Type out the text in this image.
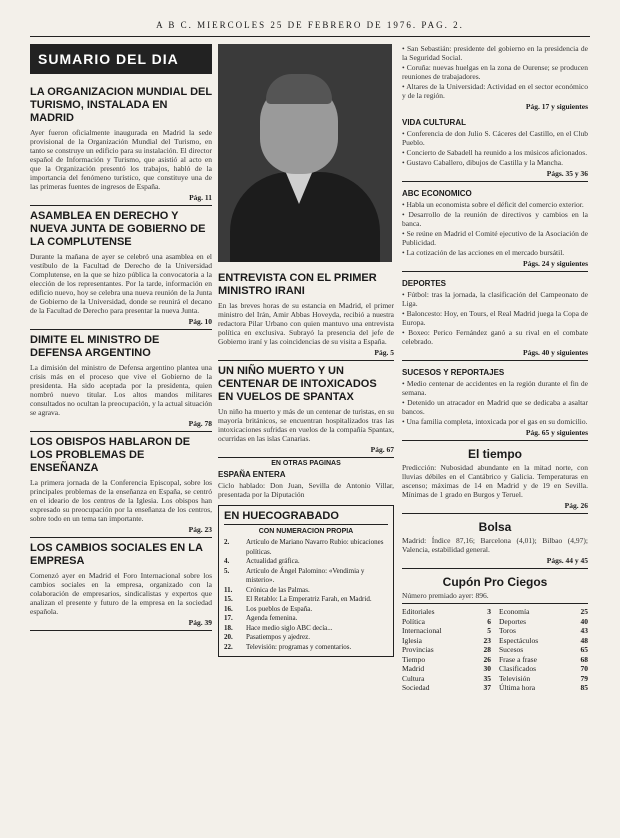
A B C. MIERCOLES 25 DE FEBRERO DE 1976. PAG. 2.
SUMARIO DEL DIA
LA ORGANIZACION MUNDIAL DEL TURISMO, INSTALADA EN MADRID
Ayer fueron oficialmente inaugurada en Madrid la sede provisional de la Organización Mundial del Turismo, en tanto se construye un edificio para su instalación. El director español de Información y Turismo, que asistió al acto en que la Organización presentó los trabajos, habló de la importancia del fenómeno turístico, que constituye una de las primeras fuentes de ingresos de España.
Pág. 11
ASAMBLEA EN DERECHO Y NUEVA JUNTA DE GOBIERNO DE LA COMPLUTENSE
Durante la mañana de ayer se celebró una asamblea en el vestíbulo de la Facultad de Derecho de la Universidad Complutense, en la que se hizo pública la convocatoria a la elección de los representantes. Por la tarde, información en edificio nuevo, hoy se celebra una nueva reunión de la Junta de Gobierno de la Universidad, donde se reunirá el decano de la Facultad de Derecho para presentar la nueva Junta.
Pág. 10
DIMITE EL MINISTRO DE DEFENSA ARGENTINO
La dimisión del ministro de Defensa argentino plantea una crisis más en el proceso que vive el Gobierno de la presidenta. Ha sido aceptada por la presidenta, quien nombró nuevo titular. Los altos mandos militares consultados no ocultan la preocupación, y la actual situación se agrava.
Pág. 78
LOS OBISPOS HABLARON DE LOS PROBLEMAS DE ENSEÑANZA
La primera jornada de la Conferencia Episcopal, sobre los principales problemas de la enseñanza en España, se centró en el ideario de los centros de la Iglesia. Los obispos han expresado su preocupación por la enseñanza de los centros, sobre todo en un tema tan importante.
Pág. 23
LOS CAMBIOS SOCIALES EN LA EMPRESA
Comenzó ayer en Madrid el Foro Internacional sobre los cambios sociales en la empresa, organizado con la colaboración de empresarios, sindicalistas y expertos que analizan el presente y futuro de la empresa en la sociedad española.
Pág. 39
ENTREVISTA CON EL PRIMER MINISTRO IRANI
En las breves horas de su estancia en Madrid, el primer ministro del Irán, Amir Abbas Hoveyda, recibió a nuestra redactora Pilar Urbano con quien mantuvo una entrevista política en exclusiva. Subrayó la presencia del jefe de Gobierno iraní y las coincidencias de su visita a España.
Pág. 5
UN NIÑO MUERTO Y UN CENTENAR DE INTOXICADOS EN VUELOS DE SPANTAX
Un niño ha muerto y más de un centenar de turistas, en su mayoría británicos, se encuentran hospitalizados tras las intoxicaciones sufridas en vuelos de la compañía Spantax, ocurridas en las islas Canarias.
Pág. 67
EN OTRAS PAGINAS
ESPAÑA ENTERA
Ciclo hablado: Don Juan, Sevilla de Antonio Villar, presentada por la Diputación
EN HUECOGRABADO
CON NUMERACION PROPIA
2.	Artículo de Mariano Navarro Rubio: ubicaciones políticas.
4.	Actualidad gráfica.
5.	Artículo de Ángel Palomino: «Vendimia y misterio».
11.	Crónica de las Palmas.
15.	El Retablo: La Emperatriz Farah, en Madrid.
16.	Los pueblos de España.
17.	Agenda femenina.
18.	Hace medio siglo ABC decía...
20.	Pasatiempos y ajedrez.
22.	Televisión: programas y comentarios.
• San Sebastián: presidente del gobierno en la presidencia de la Seguridad Social.
• Coruña: nuevas huelgas en la zona de Ourense; se producen reuniones de trabajadores.
• Altares de la Universidad: Actividad en el sector económico y de la región.
Pág. 17 y siguientes
VIDA CULTURAL
• Conferencia de don Julio S. Cáceres del Castillo, en el Club Pueblo.
• Concierto de Sabadell ha reunido a los músicos aficionados.
• Gustavo Caballero, dibujos de Castilla y la Mancha.
Págs. 35 y 36
ABC ECONOMICO
• Habla un economista sobre el déficit del comercio exterior.
• Desarrollo de la reunión de directivos y cambios en la banca.
• Se reúne en Madrid el Comité ejecutivo de la Asociación de Publicidad.
• La cotización de las acciones en el mercado bursátil.
Págs. 24 y siguientes
DEPORTES
• Fútbol: tras la jornada, la clasificación del Campeonato de Liga.
• Baloncesto: Hoy, en Tours, el Real Madrid juega la Copa de Europa.
• Boxeo: Perico Fernández ganó a su rival en el combate celebrado.
Págs. 40 y siguientes
SUCESOS Y REPORTAJES
• Medio centenar de accidentes en la región durante el fin de semana.
• Detenido un atracador en Madrid que se dedicaba a asaltar bancos.
• Una familia completa, intoxicada por el gas en su domicilio.
Pág. 65 y siguientes
El tiempo
Predicción: Nubosidad abundante en la mitad norte, con lluvias débiles en el Cantábrico y Galicia. Temperaturas en ascenso; máximas de 14 en Madrid y de 19 en Sevilla. Mínimas de 1 grado en Burgos y Teruel.
Pág. 26
Bolsa
Madrid: Índice 87,16; Barcelona (4,01); Bilbao (4,97); Valencia, estabilidad general.
Págs. 44 y 45
Cupón Pro Ciegos
Número premiado ayer: 896.
Editoriales	3 Economía	25
Política	6 Deportes	40
Internacional	5 Toros	43
Iglesia	23 Espectáculos	48
Provincias	28 Sucesos	65
Tiempo	26 Frase a frase	68
Madrid	30 Clasificados	70
Cultura	35 Televisión	79
Sociedad	37 Última hora	85
